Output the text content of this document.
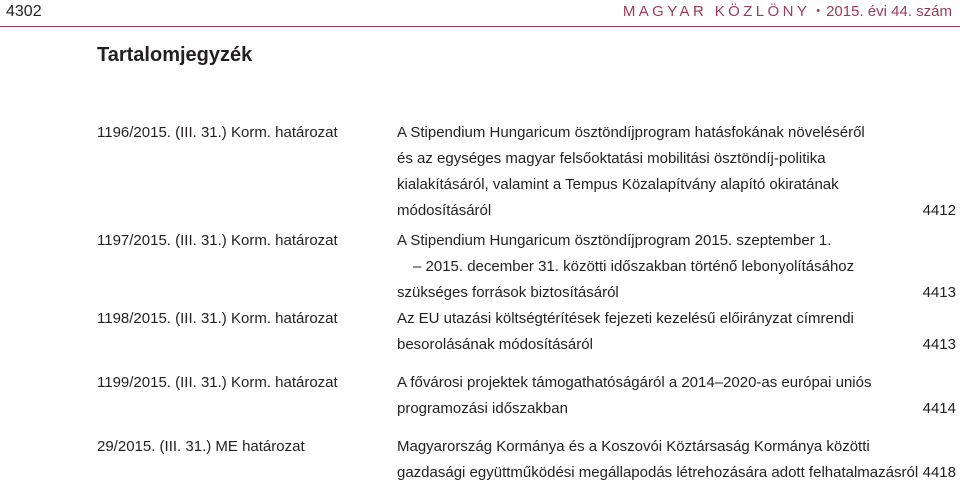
4302	MAGYAR KÖZLÖNY • 2015. évi 44. szám
Tartalomjegyzék
1196/2015. (III. 31.) Korm. határozat	A Stipendium Hungaricum ösztöndíjprogram hatásfokának növeléséről
és az egységes magyar felsőoktatási mobilitási ösztöndíj-politika
kialakításáról, valamint a Tempus Közalapítvány alapító okiratának
módosításáról	4412
1197/2015. (III. 31.) Korm. határozat	A Stipendium Hungaricum ösztöndíjprogram 2015. szeptember 1.
– 2015. december 31. közötti időszakban történő lebonyolításához
szükséges források biztosításáról	4413
1198/2015. (III. 31.) Korm. határozat	Az EU utazási költségtérítések fejezeti kezelésű előirányzat címrendi
besorolásának módosításáról	4413
1199/2015. (III. 31.) Korm. határozat	A fővárosi projektek támogathatóságáról a 2014–2020-as európai uniós
programozási időszakban	4414
29/2015. (III. 31.) ME határozat	Magyarország Kormánya és a Koszovói Köztársaság Kormánya közötti
gazdasági együttműködési megállapodás létrehozására adott felhatalmazásról 4418
